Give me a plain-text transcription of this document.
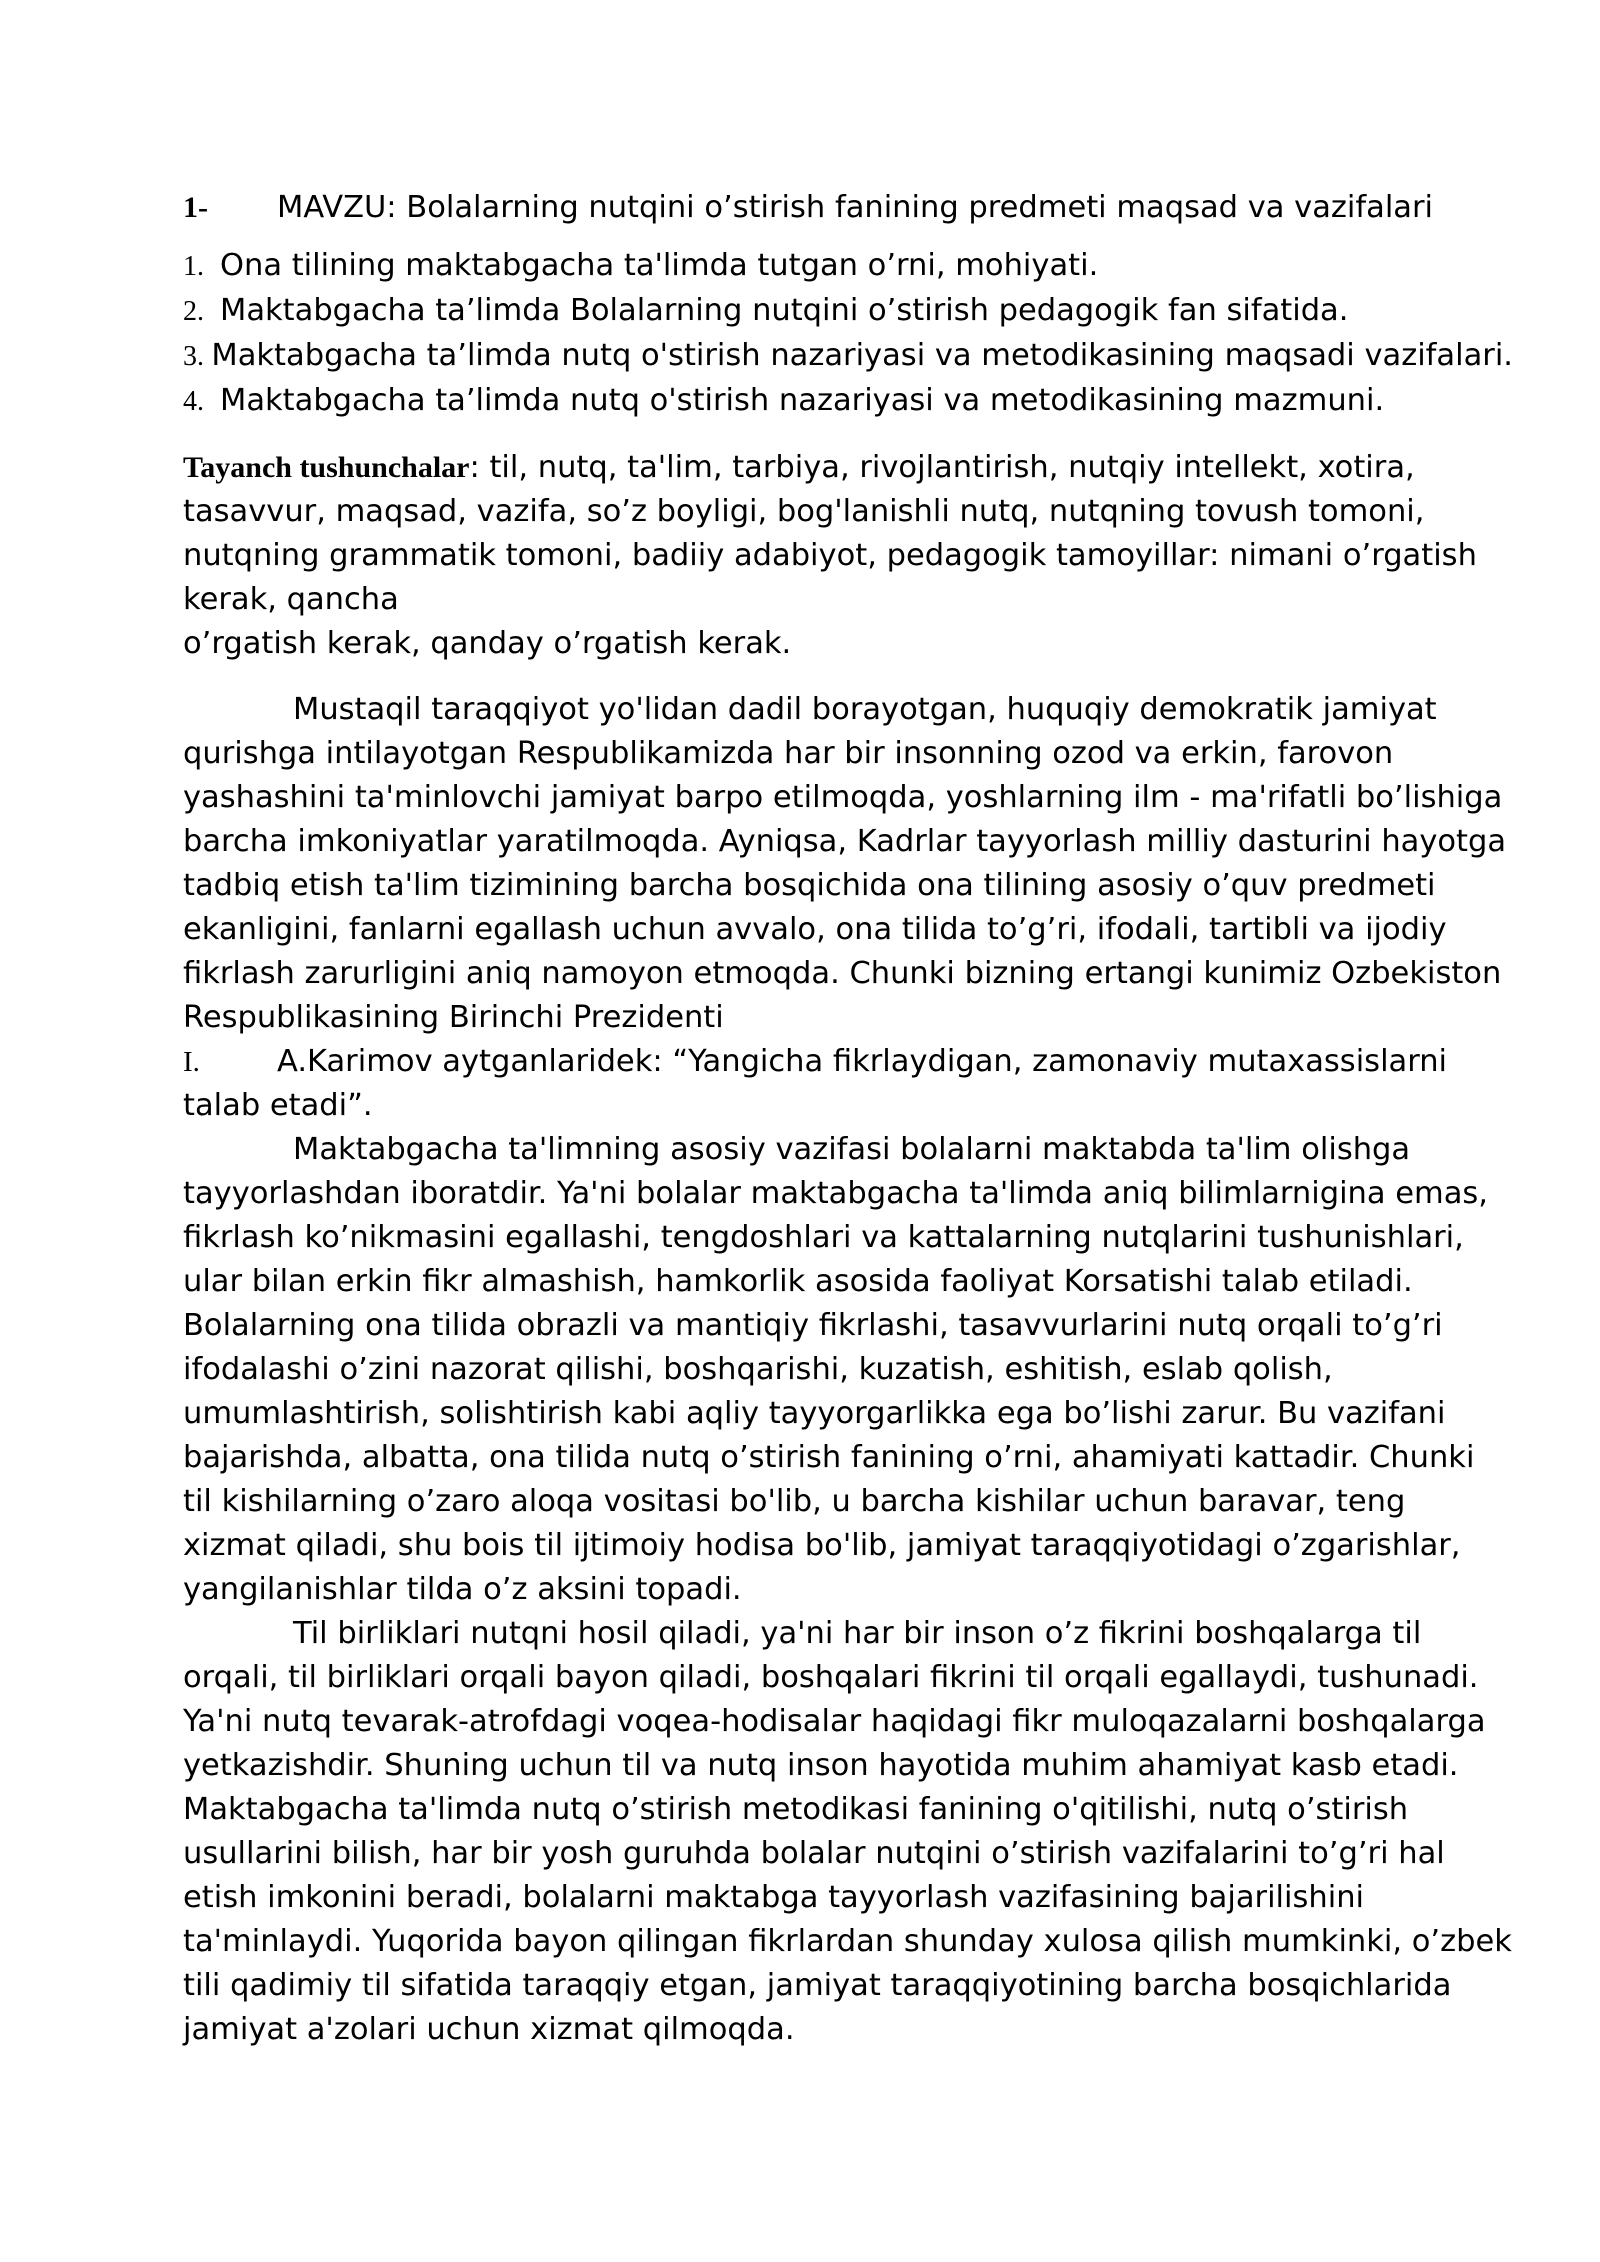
1-	MAVZU: Bolalarning nutqini o’stirish fanining predmeti maqsad va vazifalari
1. Ona tilining maktabgacha ta'limda tutgan o’rni, mohiyati.
2. Maktabgacha ta’limda Bolalarning nutqini o’stirish pedagogik fan sifatida.
3. Maktabgacha ta’limda nutq o'stirish nazariyasi va metodikasining maqsadi vazifalari.
4. Maktabgacha ta’limda nutq o'stirish nazariyasi va metodikasining mazmuni.

Tayanch tushunchalar: til, nutq, ta'lim, tarbiya, rivojlantirish, nutqiy intellekt, xotira, tasavvur, maqsad, vazifa, so’z boyligi, bog'lanishli nutq, nutqning tovush tomoni, nutqning grammatik tomoni, badiiy adabiyot, pedagogik tamoyillar: nimani o’rgatish kerak, qancha

o’rgatish kerak, qanday o’rgatish kerak.

Mustaqil taraqqiyot yo'lidan dadil borayotgan, huquqiy demokratik jamiyat qurishga intilayotgan Respublikamizda har bir insonning ozod va erkin, farovon yashashini ta'minlovchi jamiyat barpo etilmoqda, yoshlarning ilm - ma'rifatli bo’lishiga barcha imkoniyatlar yaratilmoqda. Ayniqsa, Kadrlar tayyorlash milliy dasturini hayotga tadbiq etish ta'lim tizimining barcha bosqichida ona tilining asosiy o’quv predmeti ekanligini, fanlarni egallash uchun avvalo, ona tilida to’g’ri, ifodali, tartibli va ijodiy fikrlash zarurligini aniq namoyon etmoqda. Chunki bizning ertangi kunimiz Ozbekiston Respublikasining Birinchi Prezidenti

I.	A.Karimov aytganlaridek: “Yangicha fikrlaydigan, zamonaviy mutaxassislarni

talab etadi”.

Maktabgacha ta'limning asosiy vazifasi bolalarni maktabda ta'lim olishga tayyorlashdan iboratdir. Ya'ni bolalar maktabgacha ta'limda aniq bilimlarnigina emas, fikrlash ko’nikmasini egallashi, tengdoshlari va kattalarning nutqlarini tushunishlari, ular bilan erkin fikr almashish, hamkorlik asosida faoliyat Korsatishi talab etiladi. Bolalarning ona tilida obrazli va mantiqiy fikrlashi, tasavvurlarini nutq orqali to’g’ri ifodalashi o’zini nazorat qilishi, boshqarishi, kuzatish, eshitish, eslab qolish, umumlashtirish, solishtirish kabi aqliy tayyorgarlikka ega bo’lishi zarur. Bu vazifani bajarishda, albatta, ona tilida nutq o’stirish fanining o’rni, ahamiyati kattadir. Chunki til kishilarning o’zaro aloqa vositasi bo'lib, u barcha kishilar uchun baravar, teng xizmat qiladi, shu bois til ijtimoiy hodisa bo'lib, jamiyat taraqqiyotidagi o’zgarishlar, yangilanishlar tilda o’z aksini topadi.

Til birliklari nutqni hosil qiladi, ya'ni har bir inson o’z fikrini boshqalarga til orqali, til birliklari orqali bayon qiladi, boshqalari fikrini til orqali egallaydi, tushunadi. Ya'ni nutq tevarak-atrofdagi voqea-hodisalar haqidagi fikr muloqazalarni boshqalarga yetkazishdir. Shuning uchun til va nutq inson hayotida muhim ahamiyat kasb etadi. Maktabgacha ta'limda nutq o’stirish metodikasi fanining o'qitilishi, nutq o’stirish usullarini bilish, har bir yosh guruhda bolalar nutqini o’stirish vazifalarini to’g’ri hal etish imkonini beradi, bolalarni maktabga tayyorlash vazifasining bajarilishini ta'minlaydi. Yuqorida bayon qilingan fikrlardan shunday xulosa qilish mumkinki, o’zbek tili qadimiy til sifatida taraqqiy etgan, jamiyat taraqqiyotining barcha bosqichlarida jamiyat a'zolari uchun xizmat qilmoqda.
